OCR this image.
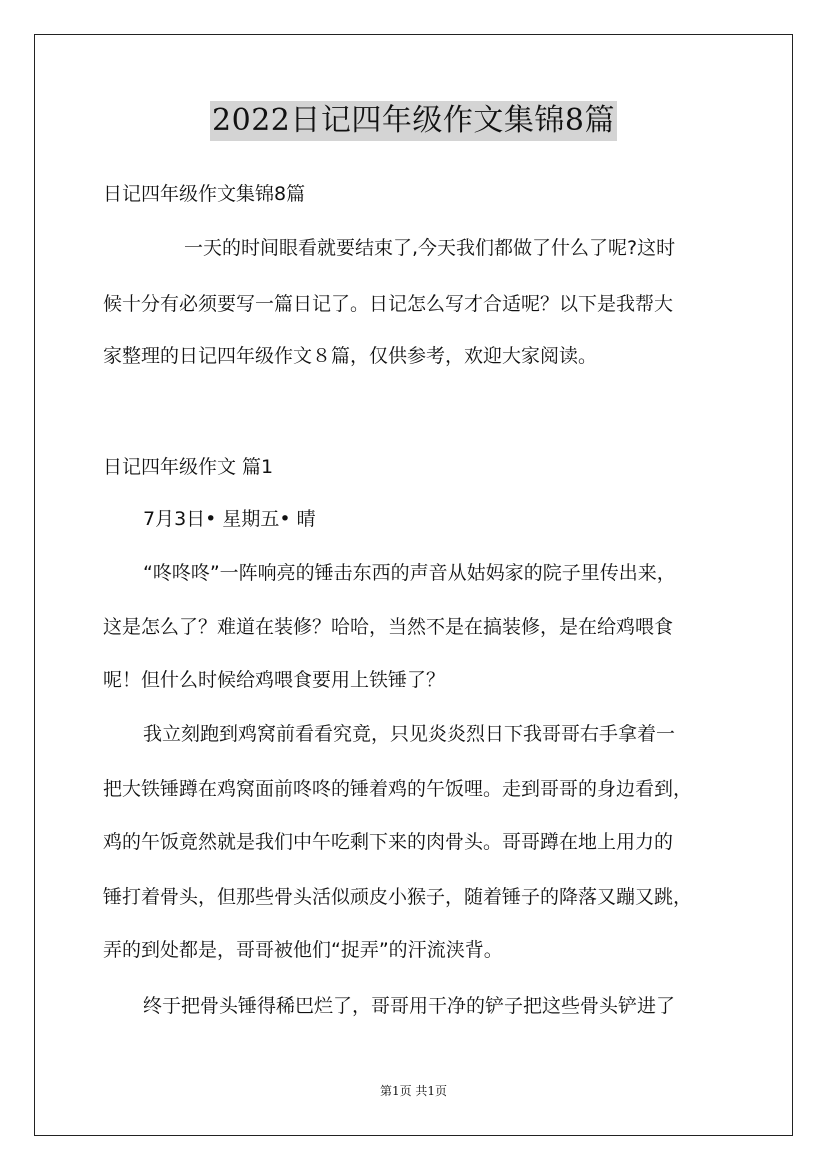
2022日记四年级作文集锦8篇
日记四年级作文集锦8篇
一天的时间眼看就要结束了,今天我们都做了什么了呢?这时
候十分有必须要写一篇日记了。日记怎么写才合适呢？以下是我帮大
家整理的日记四年级作文８篇，仅供参考，欢迎大家阅读。
日记四年级作文 篇1
7月3日• 星期五• 晴
“咚咚咚”一阵响亮的锤击东西的声音从姑妈家的院子里传出来，
这是怎么了？难道在装修？哈哈，当然不是在搞装修，是在给鸡喂食
呢！但什么时候给鸡喂食要用上铁锤了？
我立刻跑到鸡窝前看看究竟，只见炎炎烈日下我哥哥右手拿着一
把大铁锤蹲在鸡窝面前咚咚的锤着鸡的午饭哩。走到哥哥的身边看到，
鸡的午饭竟然就是我们中午吃剩下来的肉骨头。哥哥蹲在地上用力的
锤打着骨头，但那些骨头活似顽皮小猴子，随着锤子的降落又蹦又跳，
弄的到处都是，哥哥被他们“捉弄”的汗流浃背。
终于把骨头锤得稀巴烂了，哥哥用干净的铲子把这些骨头铲进了
第1页 共1页
